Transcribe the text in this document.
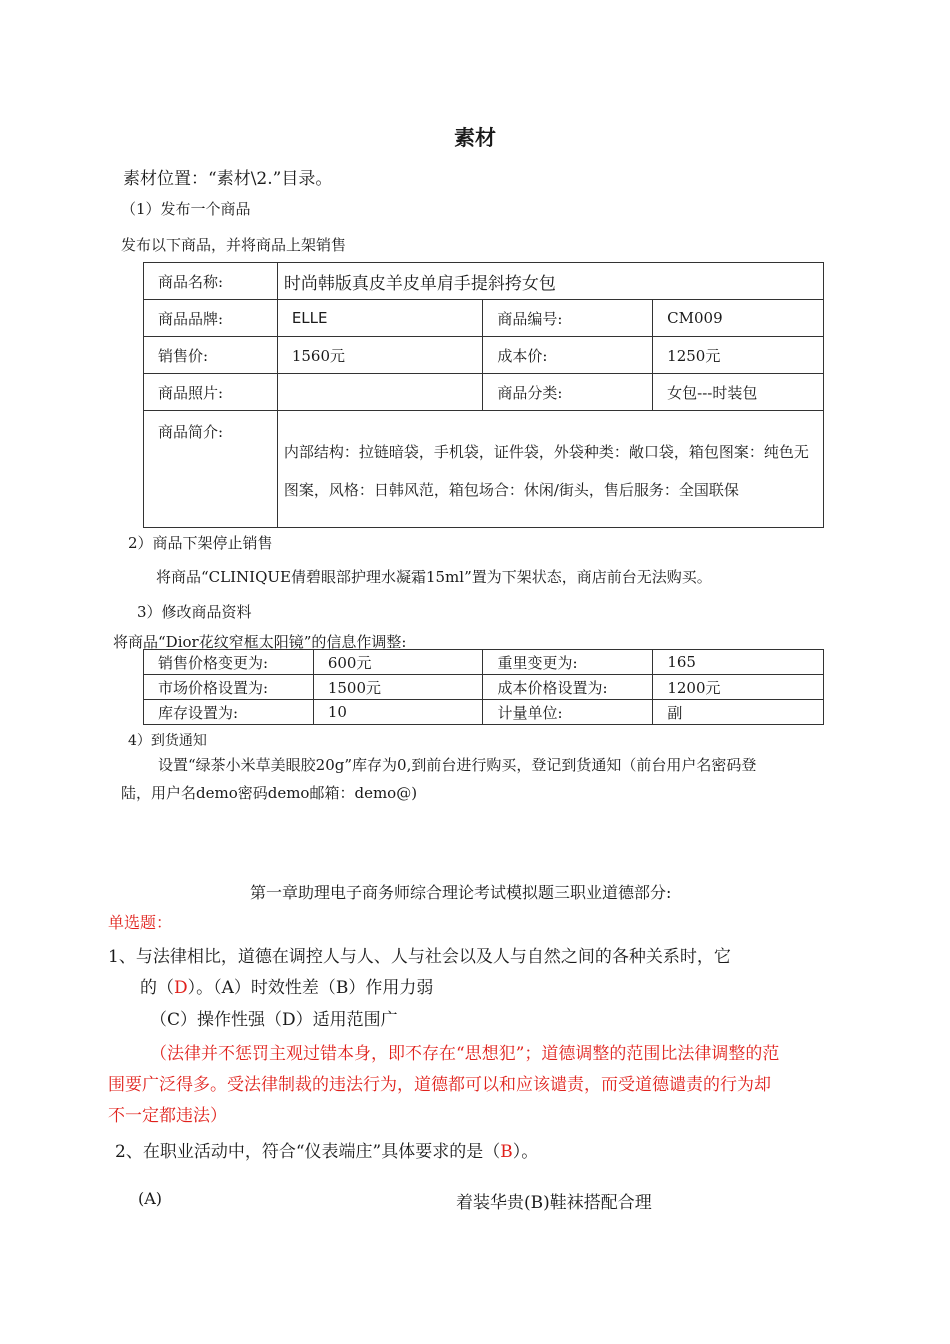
素材
素材位置：“素材\2.”目录。
（1）发布一个商品
发布以下商品，并将商品上架销售
商品名称:	时尚韩版真皮羊皮单肩手提斜挎女包		
商品品牌:	ELLE	商品编号:	CM009
销售价:	1560元	成本价:	1250元
商品照片:		商品分类:	女包---时装包
商品简介:	内部结构：拉链暗袋，手机袋，证件袋，外袋种类：敞口袋，箱包图案：纯色无图案，风格：日韩风范，箱包场合：休闲/街头，售后服务：全国联保		
2）商品下架停止销售
将商品“CLINIQUE倩碧眼部护理水凝霜15ml”置为下架状态，商店前台无法购买。
3）修改商品资料
将商品“Dior花纹窄框太阳镜”的信息作调整:
销售价格变更为:	600元	重里变更为:	165
市场价格设置为:	1500元	成本价格设置为:	1200元
库存设置为:	10	计量单位:	副
4）到货通知
设置“绿茶小米草美眼胶20g”库存为0,到前台进行购买，登记到货通知（前台用户名密码登
陆，用户名demo密码demo邮箱：demo@)
第一章助理电子商务师综合理论考试模拟题三职业道德部分:
单选题：
1、与法律相比，道德在调控人与人、人与社会以及人与自然之间的各种关系时，它
的（D）。（A）时效性差（B）作用力弱
（C）操作性强（D）适用范围广
（法律并不惩罚主观过错本身，即不存在“思想犯”；道德调整的范围比法律调整的范
围要广泛得多。受法律制裁的违法行为，道德都可以和应该谴责，而受道德谴责的行为却
不一定都违法）
2、在职业活动中，符合“仪表端庄”具体要求的是（B）。
(A)	着装华贵(B)鞋袜搭配合理
